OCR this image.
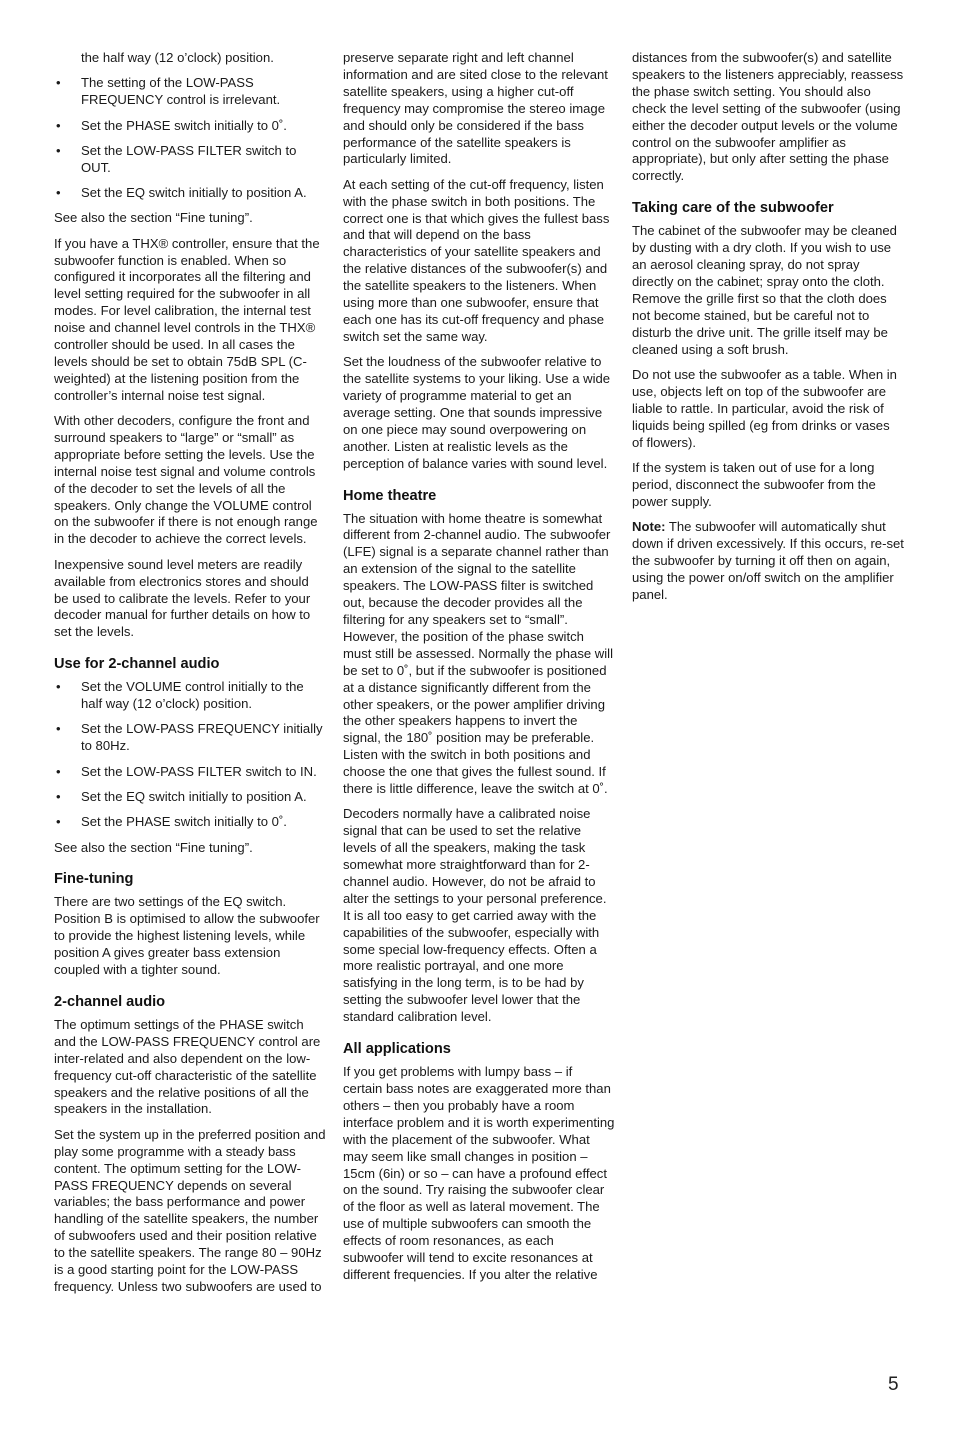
the half way (12 o’clock) position.

• The setting of the LOW-PASS FREQUENCY control is irrelevant.
• Set the PHASE switch initially to 0˚.
• Set the LOW-PASS FILTER switch to OUT.
• Set the EQ switch initially to position A.

See also the section “Fine tuning”.

If you have a THX® controller, ensure that the subwoofer function is enabled. When so configured it incorporates all the filtering and level setting required for the subwoofer in all modes. For level calibration, the internal test noise and channel level controls in the THX® controller should be used. In all cases the levels should be set to obtain 75dB SPL (C-weighted) at the listening position from the controller’s internal noise test signal.

With other decoders, configure the front and surround speakers to “large” or “small” as appropriate before setting the levels. Use the internal noise test signal and volume controls of the decoder to set the levels of all the speakers. Only change the VOLUME control on the subwoofer if there is not enough range in the decoder to achieve the correct levels.

Inexpensive sound level meters are readily available from electronics stores and should be used to calibrate the levels. Refer to your decoder manual for further details on how to set the levels.

Use for 2-channel audio
• Set the VOLUME control initially to the half way (12 o’clock) position.
• Set the LOW-PASS FREQUENCY initially to 80Hz.
• Set the LOW-PASS FILTER switch to IN.
• Set the EQ switch initially to position A.
• Set the PHASE switch initially to 0˚.

See also the section “Fine tuning”.

Fine-tuning

There are two settings of the EQ switch. Position B is optimised to allow the subwoofer to provide the highest listening levels, while position A gives greater bass extension coupled with a tighter sound.

2-channel audio

The optimum settings of the PHASE switch and the LOW-PASS FREQUENCY control are inter-related and also dependent on the low-frequency cut-off characteristic of the satellite speakers and the relative positions of all the speakers in the installation.

Set the system up in the preferred position and play some programme with a steady bass content. The optimum setting for the LOW-PASS FREQUENCY depends on several variables; the bass performance and power handling of the satellite speakers, the number of subwoofers used and their position relative to the satellite speakers. The range 80 – 90Hz is a good starting point for the LOW-PASS frequency. Unless two subwoofers are used to

preserve separate right and left channel information and are sited close to the relevant satellite speakers, using a higher cut-off frequency may compromise the stereo image and should only be considered if the bass performance of the satellite speakers is particularly limited.

At each setting of the cut-off frequency, listen with the phase switch in both positions. The correct one is that which gives the fullest bass and that will depend on the bass characteristics of your satellite speakers and the relative distances of the subwoofer(s) and the satellite speakers to the listeners. When using more than one subwoofer, ensure that each one has its cut-off frequency and phase switch set the same way.

Set the loudness of the subwoofer relative to the satellite systems to your liking. Use a wide variety of programme material to get an average setting. One that sounds impressive on one piece may sound overpowering on another. Listen at realistic levels as the perception of balance varies with sound level.

Home theatre

The situation with home theatre is somewhat different from 2-channel audio. The subwoofer (LFE) signal is a separate channel rather than an extension of the signal to the satellite speakers. The LOW-PASS filter is switched out, because the decoder provides all the filtering for any speakers set to “small”. However, the position of the phase switch must still be assessed. Normally the phase will be set to 0˚, but if the subwoofer is positioned at a distance significantly different from the other speakers, or the power amplifier driving the other speakers happens to invert the signal, the 180˚ position may be preferable. Listen with the switch in both positions and choose the one that gives the fullest sound. If there is little difference, leave the switch at 0˚.

Decoders normally have a calibrated noise signal that can be used to set the relative levels of all the speakers, making the task somewhat more straightforward than for 2-channel audio. However, do not be afraid to alter the settings to your personal preference. It is all too easy to get carried away with the capabilities of the subwoofer, especially with some special low-frequency effects. Often a more realistic portrayal, and one more satisfying in the long term, is to be had by setting the subwoofer level lower that the standard calibration level.

All applications

If you get problems with lumpy bass – if certain bass notes are exaggerated more than others – then you probably have a room interface problem and it is worth experimenting with the placement of the subwoofer. What may seem like small changes in position – 15cm (6in) or so – can have a profound effect on the sound. Try raising the subwoofer clear of the floor as well as lateral movement. The use of multiple subwoofers can smooth the effects of room resonances, as each subwoofer will tend to excite resonances at different frequencies. If you alter the relative

distances from the subwoofer(s) and satellite speakers to the listeners appreciably, reassess the phase switch setting. You should also check the level setting of the subwoofer (using either the decoder output levels or the volume control on the subwoofer amplifier as appropriate), but only after setting the phase correctly.

Taking care of the subwoofer

The cabinet of the subwoofer may be cleaned by dusting with a dry cloth. If you wish to use an aerosol cleaning spray, do not spray directly on the cabinet; spray onto the cloth. Remove the grille first so that the cloth does not become stained, but be careful not to disturb the drive unit. The grille itself may be cleaned using a soft brush.

Do not use the subwoofer as a table. When in use, objects left on top of the subwoofer are liable to rattle. In particular, avoid the risk of liquids being spilled (eg from drinks or vases of flowers).

If the system is taken out of use for a long period, disconnect the subwoofer from the power supply.

Note: The subwoofer will automatically shut down if driven excessively. If this occurs, re-set the subwoofer by turning it off then on again, using the power on/off switch on the amplifier panel.

5
